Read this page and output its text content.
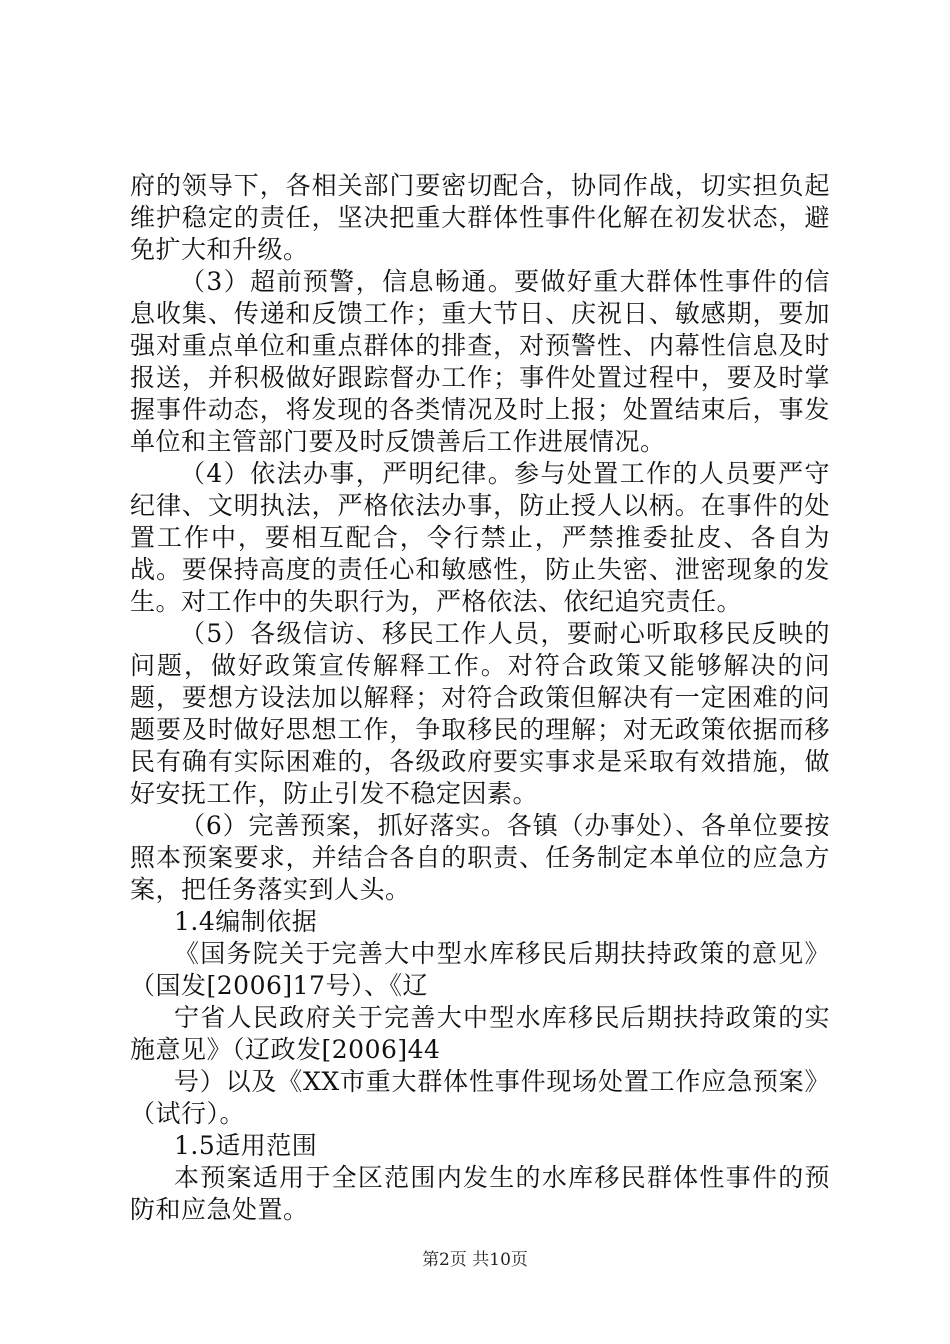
府的领导下，各相关部门要密切配合，协同作战，切实担负起维护稳定的责任，坚决把重大群体性事件化解在初发状态，避免扩大和升级。

（3）超前预警，信息畅通。要做好重大群体性事件的信息收集、传递和反馈工作；重大节日、庆祝日、敏感期，要加强对重点单位和重点群体的排查，对预警性、内幕性信息及时报送，并积极做好跟踪督办工作；事件处置过程中，要及时掌握事件动态，将发现的各类情况及时上报；处置结束后，事发单位和主管部门要及时反馈善后工作进展情况。

（4）依法办事，严明纪律。参与处置工作的人员要严守纪律、文明执法，严格依法办事，防止授人以柄。在事件的处置工作中，要相互配合，令行禁止，严禁推委扯皮、各自为战。要保持高度的责任心和敏感性，防止失密、泄密现象的发生。对工作中的失职行为，严格依法、依纪追究责任。

（5）各级信访、移民工作人员，要耐心听取移民反映的问题，做好政策宣传解释工作。对符合政策又能够解决的问题，要想方设法加以解释；对符合政策但解决有一定困难的问题要及时做好思想工作，争取移民的理解；对无政策依据而移民有确有实际困难的，各级政府要实事求是采取有效措施，做好安抚工作，防止引发不稳定因素。

（6）完善预案，抓好落实。各镇（办事处）、各单位要按照本预案要求，并结合各自的职责、任务制定本单位的应急方案，把任务落实到人头。

1.4编制依据

《国务院关于完善大中型水库移民后期扶持政策的意见》（国发[2006]17号）、《辽

宁省人民政府关于完善大中型水库移民后期扶持政策的实施意见》（辽政发[2006]44

号）以及《XX市重大群体性事件现场处置工作应急预案》（试行）。

1.5适用范围

本预案适用于全区范围内发生的水库移民群体性事件的预防和应急处置。

第2页 共10页
